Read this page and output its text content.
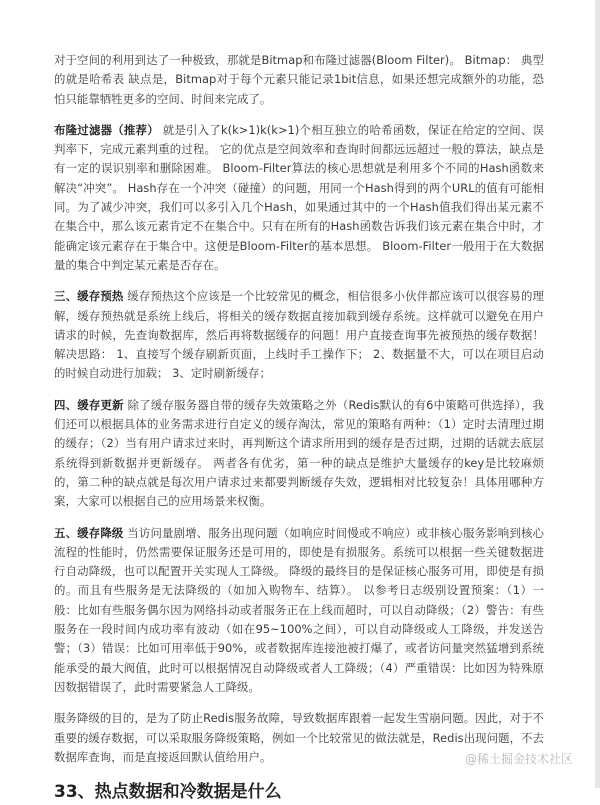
对于空间的利用到达了一种极致，那就是Bitmap和布隆过滤器(Bloom Filter)。 Bitmap： 典型的就是哈希表 缺点是，Bitmap对于每个元素只能记录1bit信息，如果还想完成额外的功能，恐怕只能靠牺牲更多的空间、时间来完成了。

布隆过滤器（推荐） 就是引入了k(k>1)k(k>1)个相互独立的哈希函数，保证在给定的空间、误判率下，完成元素判重的过程。 它的优点是空间效率和查询时间都远远超过一般的算法，缺点是有一定的误识别率和删除困难。 Bloom-Filter算法的核心思想就是利用多个不同的Hash函数来解决“冲突”。 Hash存在一个冲突（碰撞）的问题，用同一个Hash得到的两个URL的值有可能相同。为了减少冲突，我们可以多引入几个Hash，如果通过其中的一个Hash值我们得出某元素不在集合中，那么该元素肯定不在集合中。只有在所有的Hash函数告诉我们该元素在集合中时，才能确定该元素存在于集合中。这便是Bloom-Filter的基本思想。 Bloom-Filter一般用于在大数据量的集合中判定某元素是否存在。

三、缓存预热 缓存预热这个应该是一个比较常见的概念，相信很多小伙伴都应该可以很容易的理解，缓存预热就是系统上线后，将相关的缓存数据直接加载到缓存系统。这样就可以避免在用户请求的时候，先查询数据库，然后再将数据缓存的问题！用户直接查询事先被预热的缓存数据！ 解决思路： 1、直接写个缓存刷新页面，上线时手工操作下； 2、数据量不大，可以在项目启动的时候自动进行加载； 3、定时刷新缓存；

四、缓存更新 除了缓存服务器自带的缓存失效策略之外（Redis默认的有6中策略可供选择），我们还可以根据具体的业务需求进行自定义的缓存淘汰，常见的策略有两种：（1）定时去清理过期的缓存；（2）当有用户请求过来时，再判断这个请求所用到的缓存是否过期，过期的话就去底层系统得到新数据并更新缓存。 两者各有优劣，第一种的缺点是维护大量缓存的key是比较麻烦的，第二种的缺点就是每次用户请求过来都要判断缓存失效，逻辑相对比较复杂！具体用哪种方案，大家可以根据自己的应用场景来权衡。

五、缓存降级 当访问量剧增、服务出现问题（如响应时间慢或不响应）或非核心服务影响到核心流程的性能时，仍然需要保证服务还是可用的，即使是有损服务。系统可以根据一些关键数据进行自动降级，也可以配置开关实现人工降级。 降级的最终目的是保证核心服务可用，即使是有损的。而且有些服务是无法降级的（如加入购物车、结算）。 以参考日志级别设置预案：（1）一般：比如有些服务偶尔因为网络抖动或者服务正在上线而超时，可以自动降级；（2）警告：有些服务在一段时间内成功率有波动（如在95~100%之间），可以自动降级或人工降级，并发送告警；（3）错误：比如可用率低于90%，或者数据库连接池被打爆了，或者访问量突然猛增到系统能承受的最大阀值，此时可以根据情况自动降级或者人工降级；（4）严重错误：比如因为特殊原因数据错误了，此时需要紧急人工降级。

服务降级的目的，是为了防止Redis服务故障，导致数据库跟着一起发生雪崩问题。因此，对于不重要的缓存数据，可以采取服务降级策略，例如一个比较常见的做法就是，Redis出现问题，不去数据库查询，而是直接返回默认值给用户。

33、热点数据和冷数据是什么
@稀土掘金技术社区
